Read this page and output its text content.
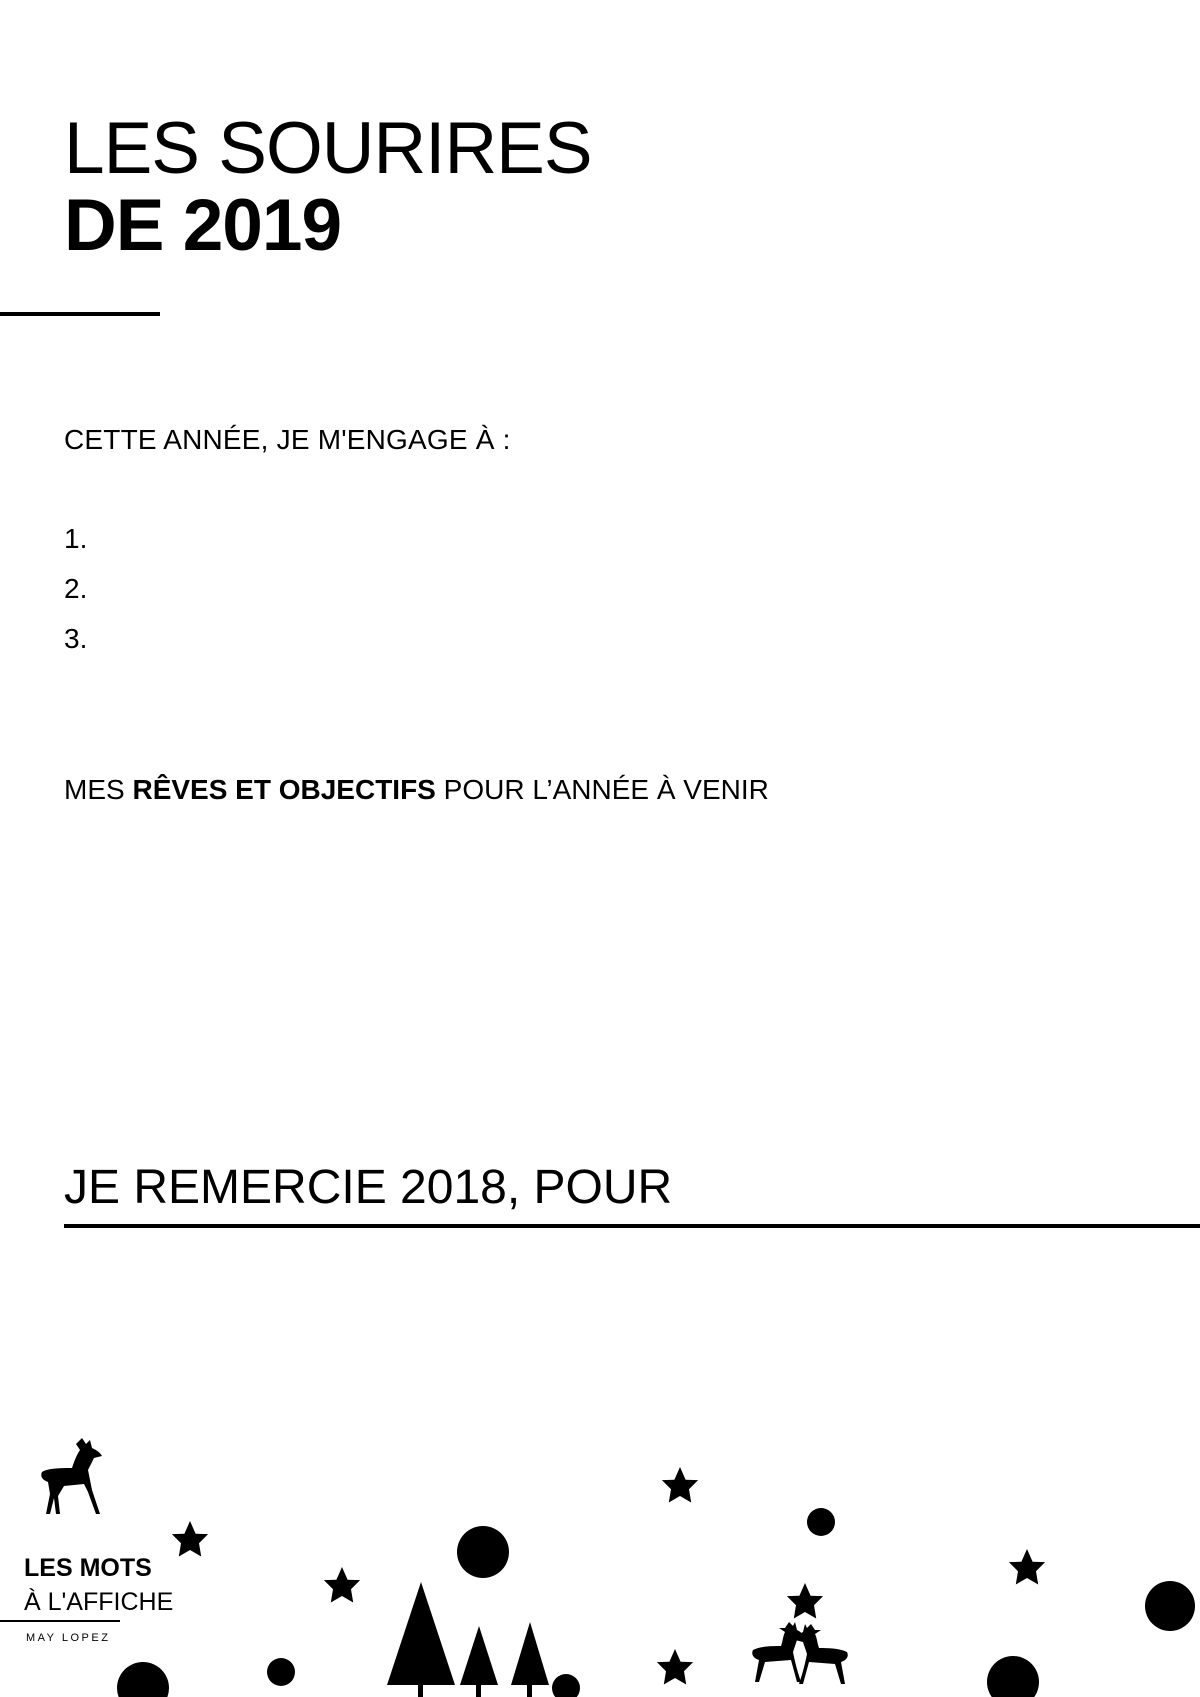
LES SOURIRES
DE 2019
CETTE ANNÉE, JE M'ENGAGE À :
1.
2.
3.
MES RÊVES ET OBJECTIFS POUR L’ANNÉE À VENIR
JE REMERCIE 2018, POUR
LES MOTS
À L'AFFICHE
MAY LOPEZ
